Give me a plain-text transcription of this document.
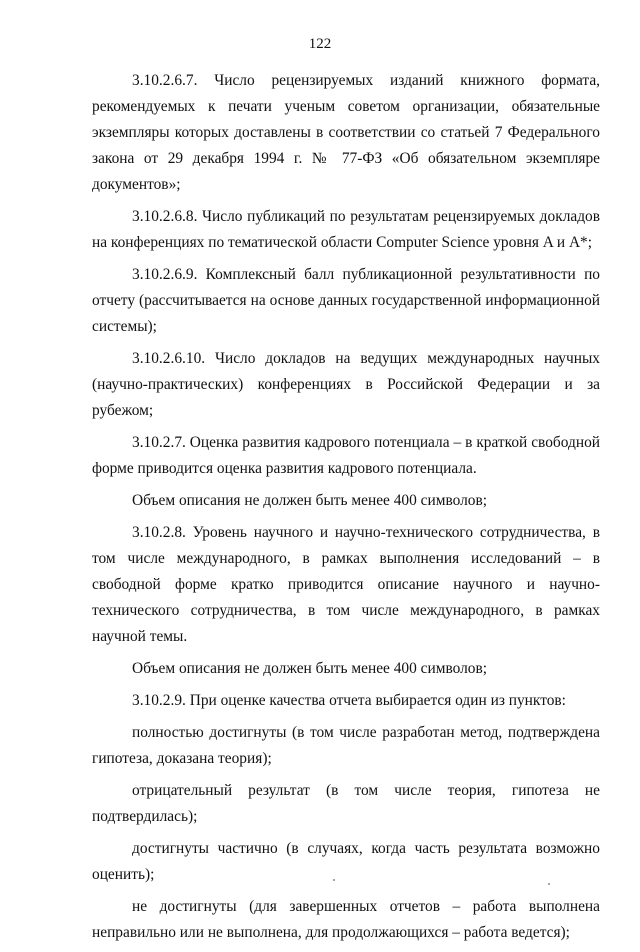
122

3.10.2.6.7. Число рецензируемых изданий книжного формата, рекомендуемых к печати ученым советом организации, обязательные экземпляры которых доставлены в соответствии со статьей 7 Федерального закона от 29 декабря 1994 г. № 77-ФЗ «Об обязательном экземпляре документов»;

3.10.2.6.8. Число публикаций по результатам рецензируемых докладов на конференциях по тематической области Computer Science уровня A и A*;

3.10.2.6.9. Комплексный балл публикационной результативности по отчету (рассчитывается на основе данных государственной информационной системы);

3.10.2.6.10. Число докладов на ведущих международных научных (научно-практических) конференциях в Российской Федерации и за рубежом;

3.10.2.7. Оценка развития кадрового потенциала – в краткой свободной форме приводится оценка развития кадрового потенциала.

Объем описания не должен быть менее 400 символов;

3.10.2.8. Уровень научного и научно-технического сотрудничества, в том числе международного, в рамках выполнения исследований – в свободной форме кратко приводится описание научного и научно-технического сотрудничества, в том числе международного, в рамках научной темы.

Объем описания не должен быть менее 400 символов;

3.10.2.9. При оценке качества отчета выбирается один из пунктов:

полностью достигнуты (в том числе разработан метод, подтверждена гипотеза, доказана теория);

отрицательный результат (в том числе теория, гипотеза не подтвердилась);

достигнуты частично (в случаях, когда часть результата возможно оценить);

не достигнуты (для завершенных отчетов – работа выполнена неправильно или не выполнена, для продолжающихся – работа ведется);
